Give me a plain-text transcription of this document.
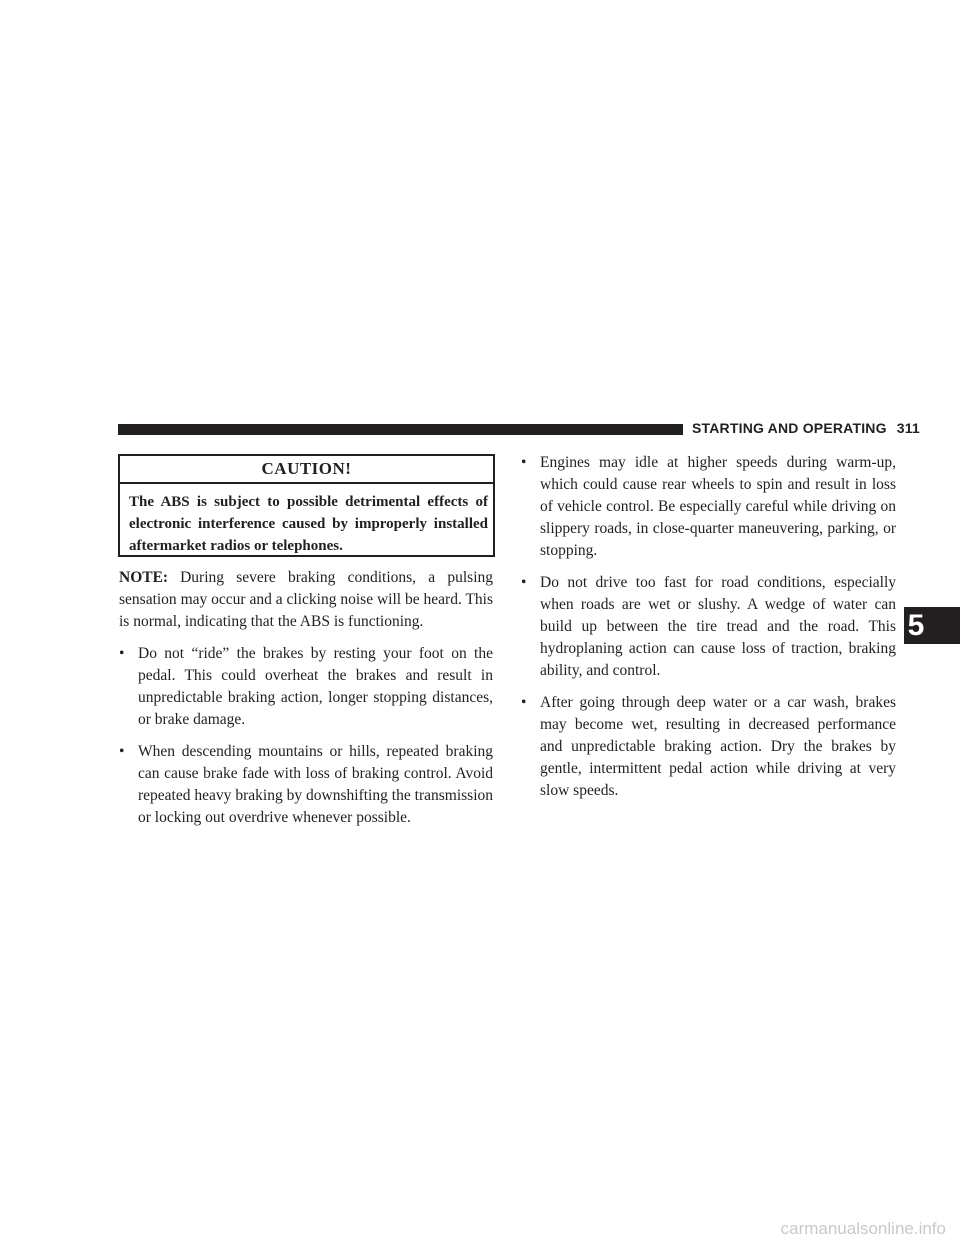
STARTING AND OPERATING 311
CAUTION!
The ABS is subject to possible detrimental effects of electronic interference caused by improperly installed aftermarket radios or telephones.

NOTE: During severe braking conditions, a pulsing sensation may occur and a clicking noise will be heard. This is normal, indicating that the ABS is functioning.

• Do not “ride” the brakes by resting your foot on the pedal. This could overheat the brakes and result in unpredictable braking action, longer stopping distances, or brake damage.
• When descending mountains or hills, repeated braking can cause brake fade with loss of braking control. Avoid repeated heavy braking by downshifting the transmission or locking out overdrive whenever possible.
• Engines may idle at higher speeds during warm-up, which could cause rear wheels to spin and result in loss of vehicle control. Be especially careful while driving on slippery roads, in close-quarter maneuvering, parking, or stopping.
• Do not drive too fast for road conditions, especially when roads are wet or slushy. A wedge of water can build up between the tire tread and the road. This hydroplaning action can cause loss of traction, braking ability, and control.
• After going through deep water or a car wash, brakes may become wet, resulting in decreased performance and unpredictable braking action. Dry the brakes by gentle, intermittent pedal action while driving at very slow speeds.
5
carmanualsonline.info
